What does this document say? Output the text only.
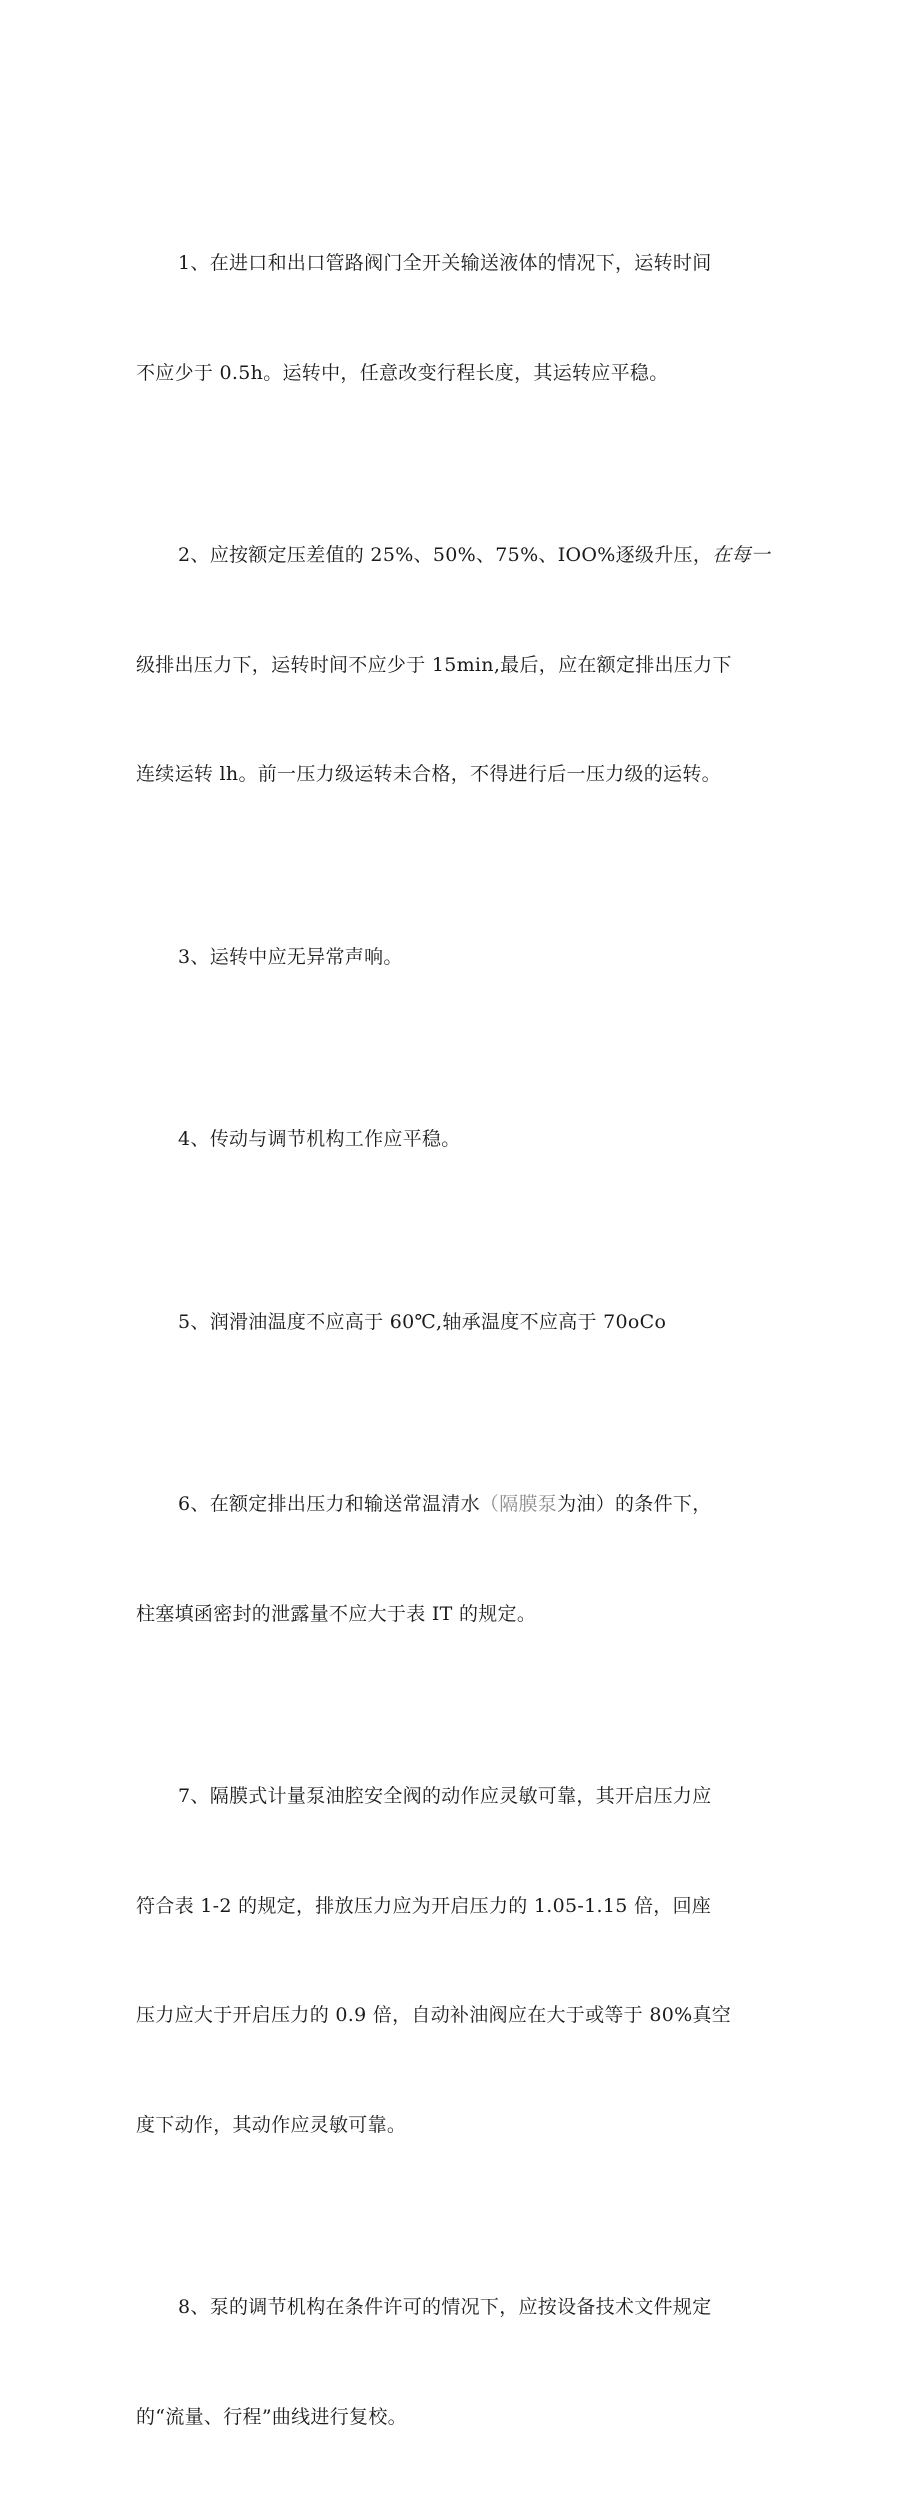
1、在进口和出口管路阀门全开关输送液体的情况下，运转时间

不应少于 0.5h。运转中，任意改变行程长度，其运转应平稳。

2、应按额定压差值的 25%、50%、75%、IOO%逐级升压，在每一

级排出压力下，运转时间不应少于 15min,最后，应在额定排出压力下

连续运转 lh。前一压力级运转未合格，不得进行后一压力级的运转。

3、运转中应无异常声响。

4、传动与调节机构工作应平稳。

5、润滑油温度不应高于 60℃,轴承温度不应高于 70oCo

6、在额定排出压力和输送常温清水（隔膜泵为油）的条件下，

柱塞填函密封的泄露量不应大于表 IT 的规定。

7、隔膜式计量泵油腔安全阀的动作应灵敏可靠，其开启压力应

符合表 1-2 的规定，排放压力应为开启压力的 1.05-1.15 倍，回座

压力应大于开启压力的 0.9 倍，自动补油阀应在大于或等于 80%真空

度下动作，其动作应灵敏可靠。

8、泵的调节机构在条件许可的情况下，应按设备技术文件规定

的“流量、行程”曲线进行复校。
